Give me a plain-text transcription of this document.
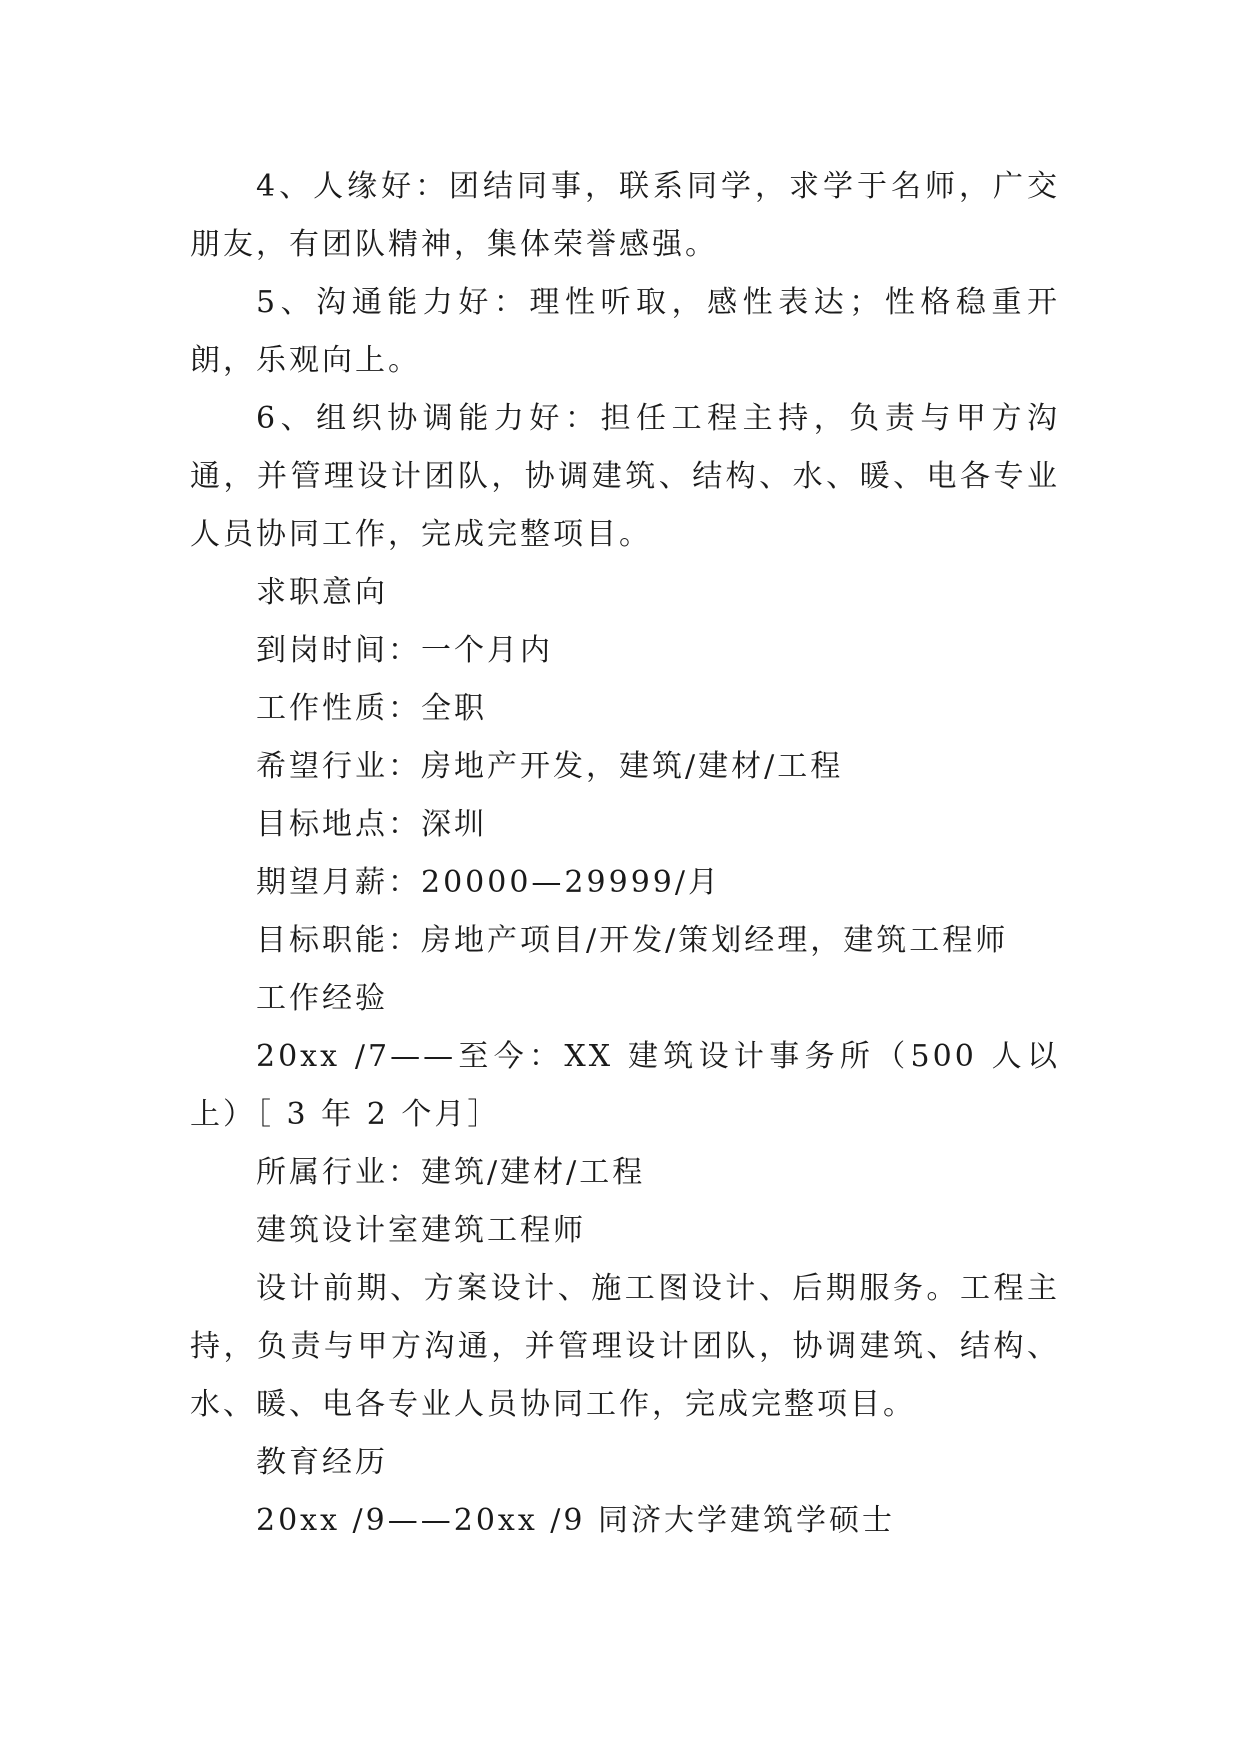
4、人缘好：团结同事，联系同学，求学于名师，广交朋友，有团队精神，集体荣誉感强。

5、沟通能力好：理性听取，感性表达；性格稳重开朗，乐观向上。

6、组织协调能力好：担任工程主持，负责与甲方沟通，并管理设计团队，协调建筑、结构、水、暖、电各专业人员协同工作，完成完整项目。

求职意向

到岗时间：一个月内

工作性质：全职

希望行业：房地产开发，建筑/建材/工程

目标地点：深圳

期望月薪：20000—29999/月

目标职能：房地产项目/开发/策划经理，建筑工程师

工作经验

20xx /7——至今：XX 建筑设计事务所（500 人以上）［ 3 年 2 个月］

所属行业：建筑/建材/工程

建筑设计室建筑工程师

设计前期、方案设计、施工图设计、后期服务。工程主持，负责与甲方沟通，并管理设计团队，协调建筑、结构、水、暖、电各专业人员协同工作，完成完整项目。

教育经历

20xx /9——20xx /9 同济大学建筑学硕士
